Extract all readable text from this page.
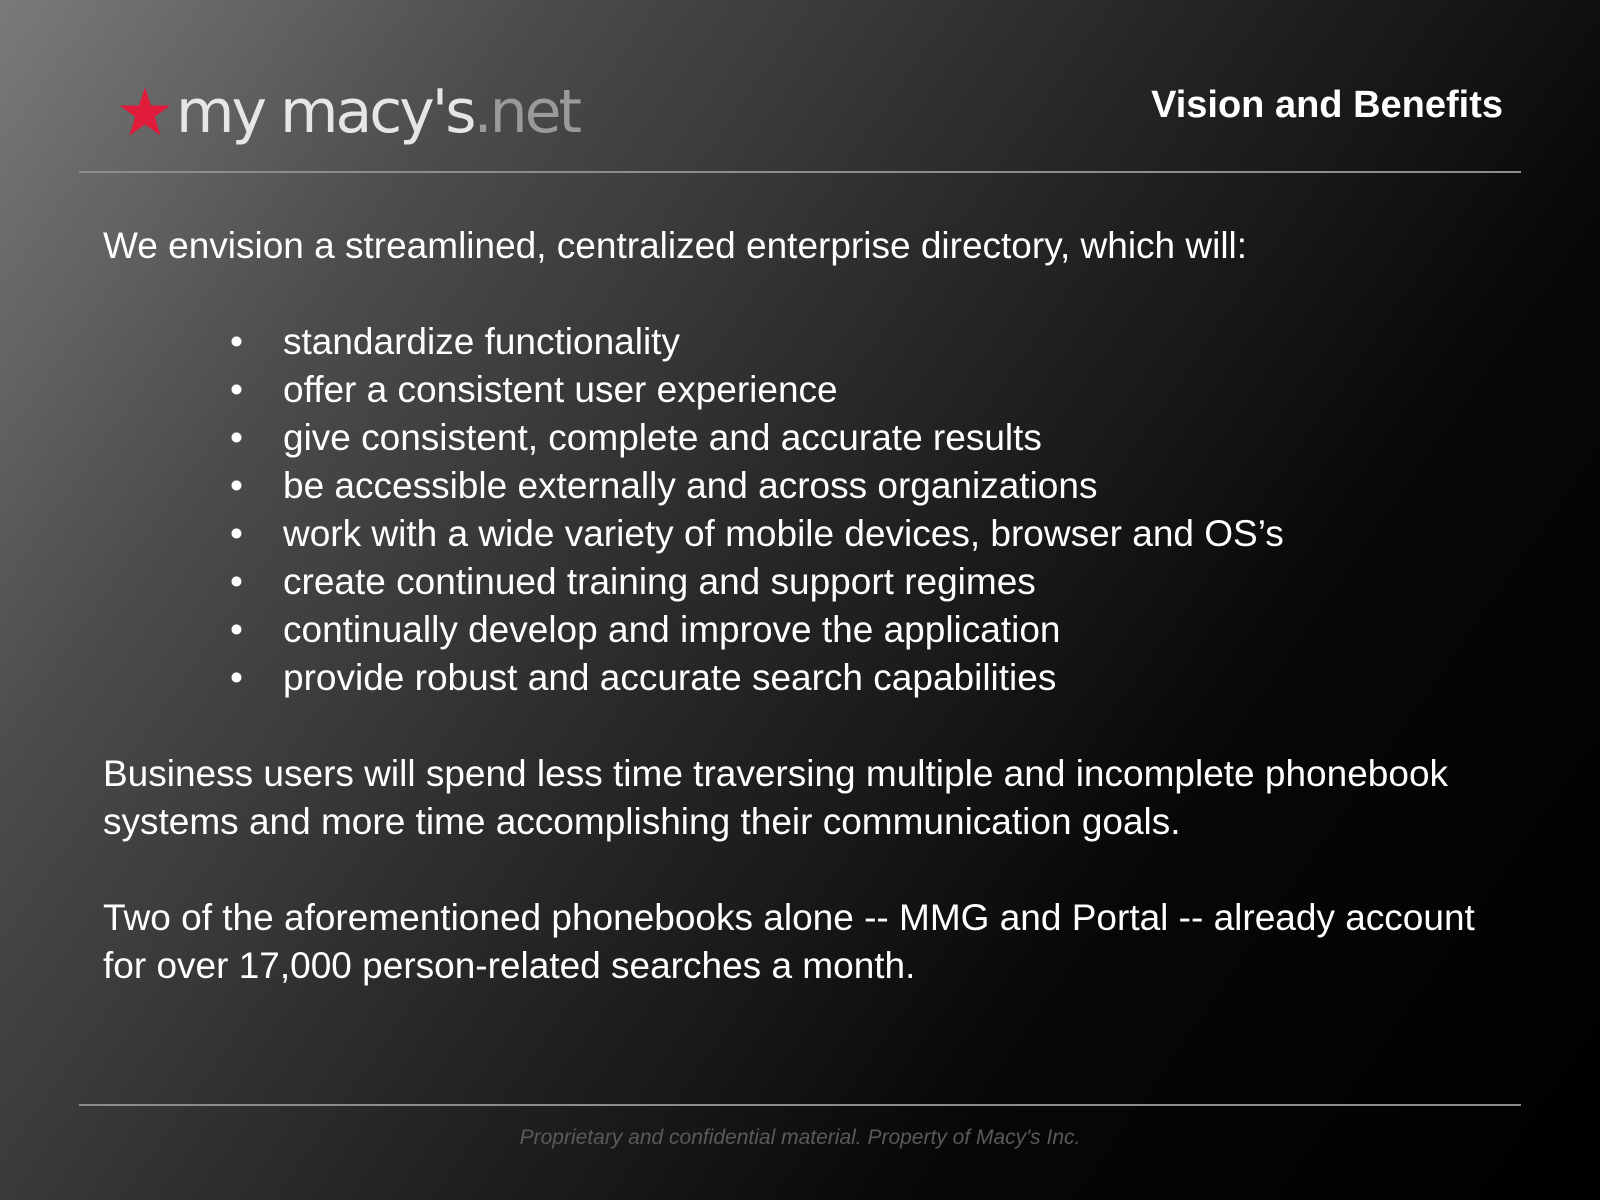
my macy's.net	Vision and Benefits

We envision a streamlined, centralized enterprise directory, which will:

• standardize functionality
• offer a consistent user experience
• give consistent, complete and accurate results
• be accessible externally and across organizations
• work with a wide variety of mobile devices, browser and OS’s
• create continued training and support regimes
• continually develop and improve the application
• provide robust and accurate search capabilities

Business users will spend less time traversing multiple and incomplete phonebook systems and more time accomplishing their communication goals.

Two of the aforementioned phonebooks alone -- MMG and Portal -- already account for over 17,000 person-related searches a month.

Proprietary and confidential material. Property of Macy's Inc.
